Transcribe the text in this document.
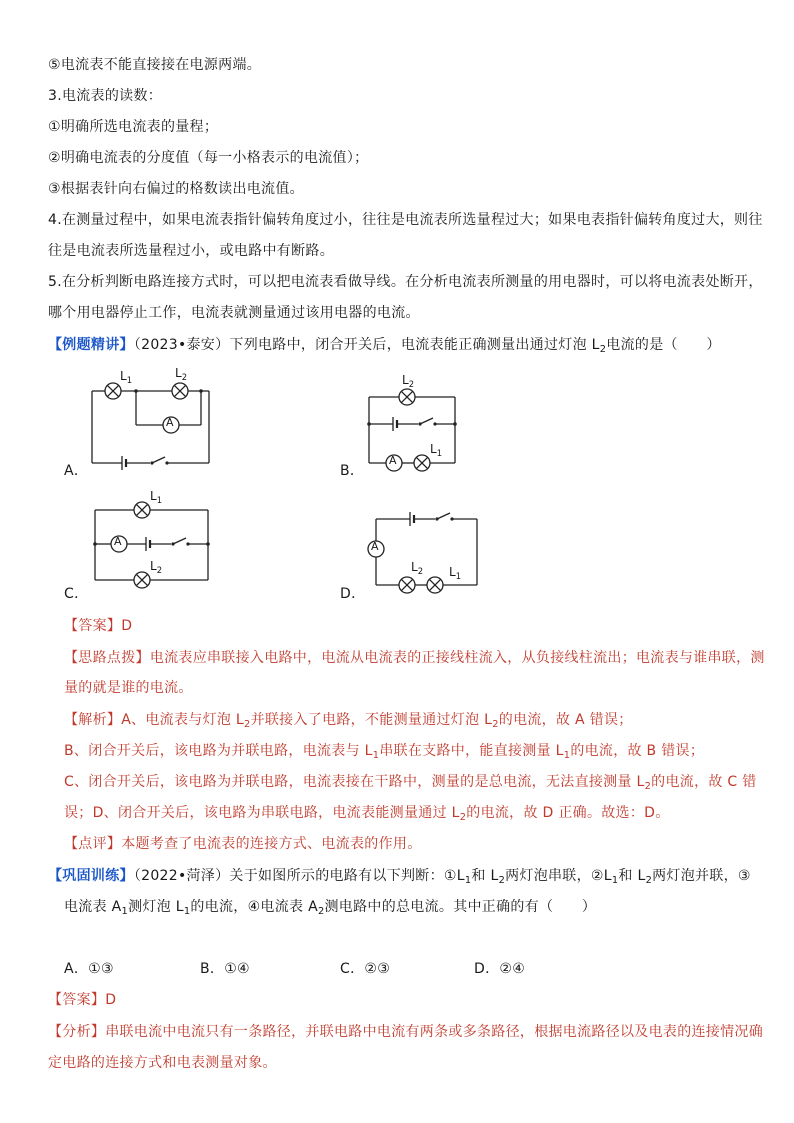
⑤电流表不能直接接在电源两端。
3.电流表的读数：
①明确所选电流表的量程；
②明确电流表的分度值（每一小格表示的电流值）；
③根据表针向右偏过的格数读出电流值。
4.在测量过程中，如果电流表指针偏转角度过小，往往是电流表所选量程过大；如果电表指针偏转角度过大，则往
往是电流表所选量程过小，或电路中有断路。
5.在分析判断电路连接方式时，可以把电流表看做导线。在分析电流表所测量的用电器时，可以将电流表处断开，
哪个用电器停止工作，电流表就测量通过该用电器的电流。
【例题精讲】（2023•泰安）下列电路中，闭合开关后，电流表能正确测量出通过灯泡 $L_2$电流的是（　　）
A
A
A	A
$L_1$	$L_2$	$L_2$
$L_1$
$L_1$
$L_2$	$L_2$ $L_1$
A．	B．
C．	D．
【答案】D
【思路点拨】电流表应串联接入电路中，电流从电流表的正接线柱流入，从负接线柱流出；电流表与谁串联，测
量的就是谁的电流。
【解析】A、电流表与灯泡 $L_2$并联接入了电路，不能测量通过灯泡 $L_2$的电流，故 A 错误；
B、闭合开关后，该电路为并联电路，电流表与 $L_1$串联在支路中，能直接测量 $L_1$的电流，故 B 错误；
C、闭合开关后，该电路为并联电路，电流表接在干路中，测量的是总电流，无法直接测量 $L_2$的电流，故 C 错
误；D、闭合开关后，该电路为串联电路，电流表能测量通过 $L_2$的电流，故 D 正确。故选：D。
【点评】本题考查了电流表的连接方式、电流表的作用。
【巩固训练】（2022•菏泽）关于如图所示的电路有以下判断：$①L_1$和 $L_2$两灯泡串联，$②L_1$和 $L_2$两灯泡并联，③
电流表 $A_1$测灯泡 $L_1$的电流，④电流表 $A_2$测电路中的总电流。其中正确的有（　　）
A．①③	B．①④	C．②③	D．②④
【答案】D
【分析】串联电流中电流只有一条路径，并联电路中电流有两条或多条路径，根据电流路径以及电表的连接情况确
定电路的连接方式和电表测量对象。
